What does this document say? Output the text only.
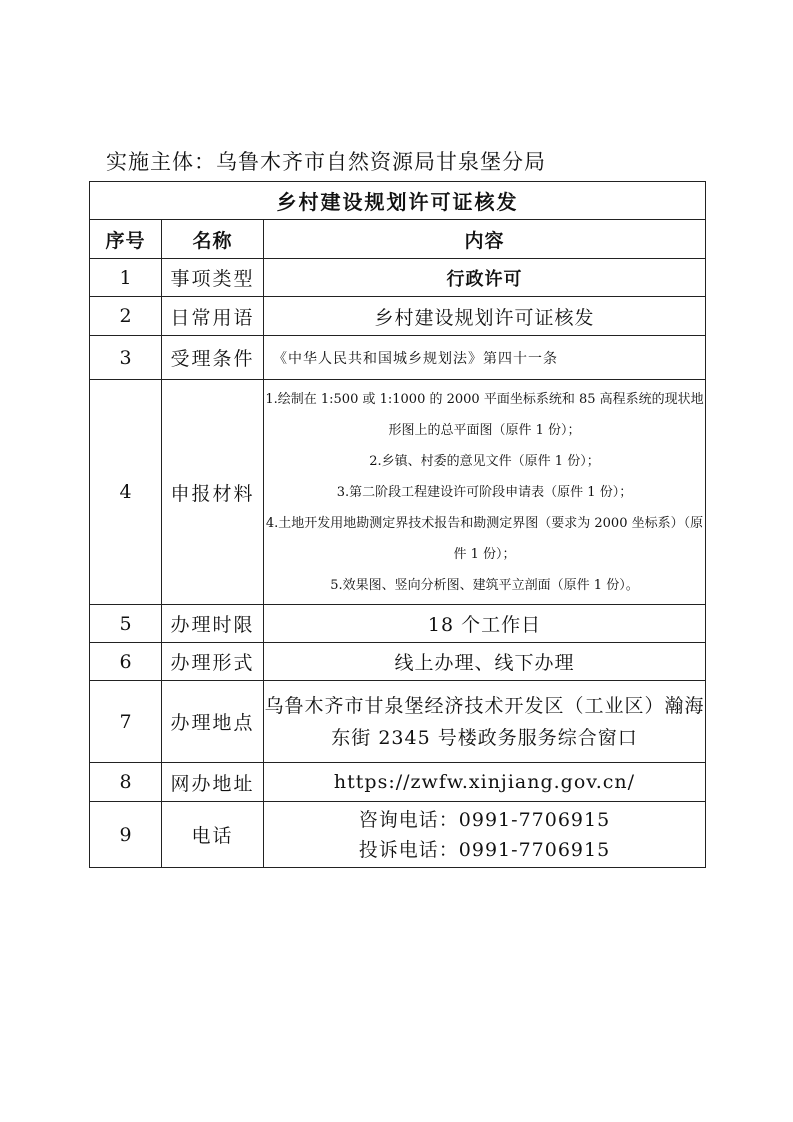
实施主体：乌鲁木齐市自然资源局甘泉堡分局
乡村建设规划许可证核发		
序号	名称	内容
1	事项类型	行政许可
2	日常用语	乡村建设规划许可证核发
3	受理条件	《中华人民共和国城乡规划法》第四十一条
4	申报材料	1.绘制在 1:500 或 1:1000 的 2000 平面坐标系统和 85 高程系统的现状地形图上的总平面图（原件 1 份）；
2.乡镇、村委的意见文件（原件 1 份）；
3.第二阶段工程建设许可阶段申请表（原件 1 份）；
4.土地开发用地勘测定界技术报告和勘测定界图（要求为 2000 坐标系）（原件 1 份）；
5.效果图、竖向分析图、建筑平立剖面（原件 1 份）。

5	办理时限	18 个工作日
6	办理形式	线上办理、线下办理
7	办理地点	乌鲁木齐市甘泉堡经济技术开发区（工业区）瀚海东街 2345 号楼政务服务综合窗口
8	网办地址	https://zwfw.xinjiang.gov.cn/
9	电话	咨询电话：0991-7706915
投诉电话：0991-7706915
